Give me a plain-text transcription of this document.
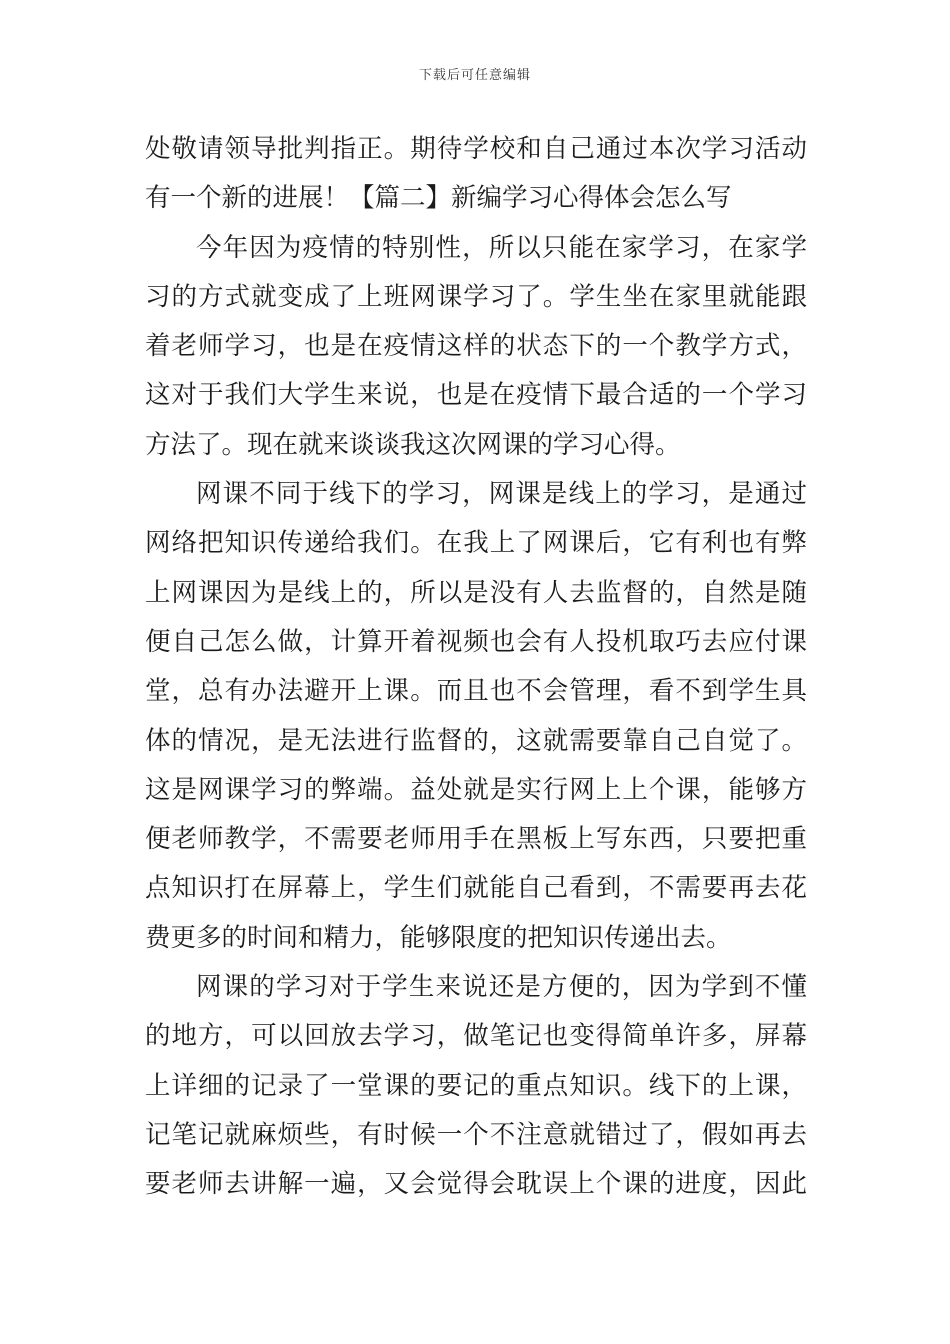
下载后可任意编辑
处敬请领导批判指正。期待学校和自己通过本次学习活动
有一个新的进展！【篇二】新编学习心得体会怎么写
今年因为疫情的特别性，所以只能在家学习，在家学
习的方式就变成了上班网课学习了。学生坐在家里就能跟
着老师学习，也是在疫情这样的状态下的一个教学方式，
这对于我们大学生来说，也是在疫情下最合适的一个学习
方法了。现在就来谈谈我这次网课的学习心得。
网课不同于线下的学习，网课是线上的学习，是通过
网络把知识传递给我们。在我上了网课后，它有利也有弊
上网课因为是线上的，所以是没有人去监督的，自然是随
便自己怎么做，计算开着视频也会有人投机取巧去应付课
堂，总有办法避开上课。而且也不会管理，看不到学生具
体的情况，是无法进行监督的，这就需要靠自己自觉了。
这是网课学习的弊端。益处就是实行网上上个课，能够方
便老师教学，不需要老师用手在黑板上写东西，只要把重
点知识打在屏幕上，学生们就能自己看到，不需要再去花
费更多的时间和精力，能够限度的把知识传递出去。
网课的学习对于学生来说还是方便的，因为学到不懂
的地方，可以回放去学习，做笔记也变得简单许多，屏幕
上详细的记录了一堂课的要记的重点知识。线下的上课，
记笔记就麻烦些，有时候一个不注意就错过了，假如再去
要老师去讲解一遍，又会觉得会耽误上个课的进度，因此
